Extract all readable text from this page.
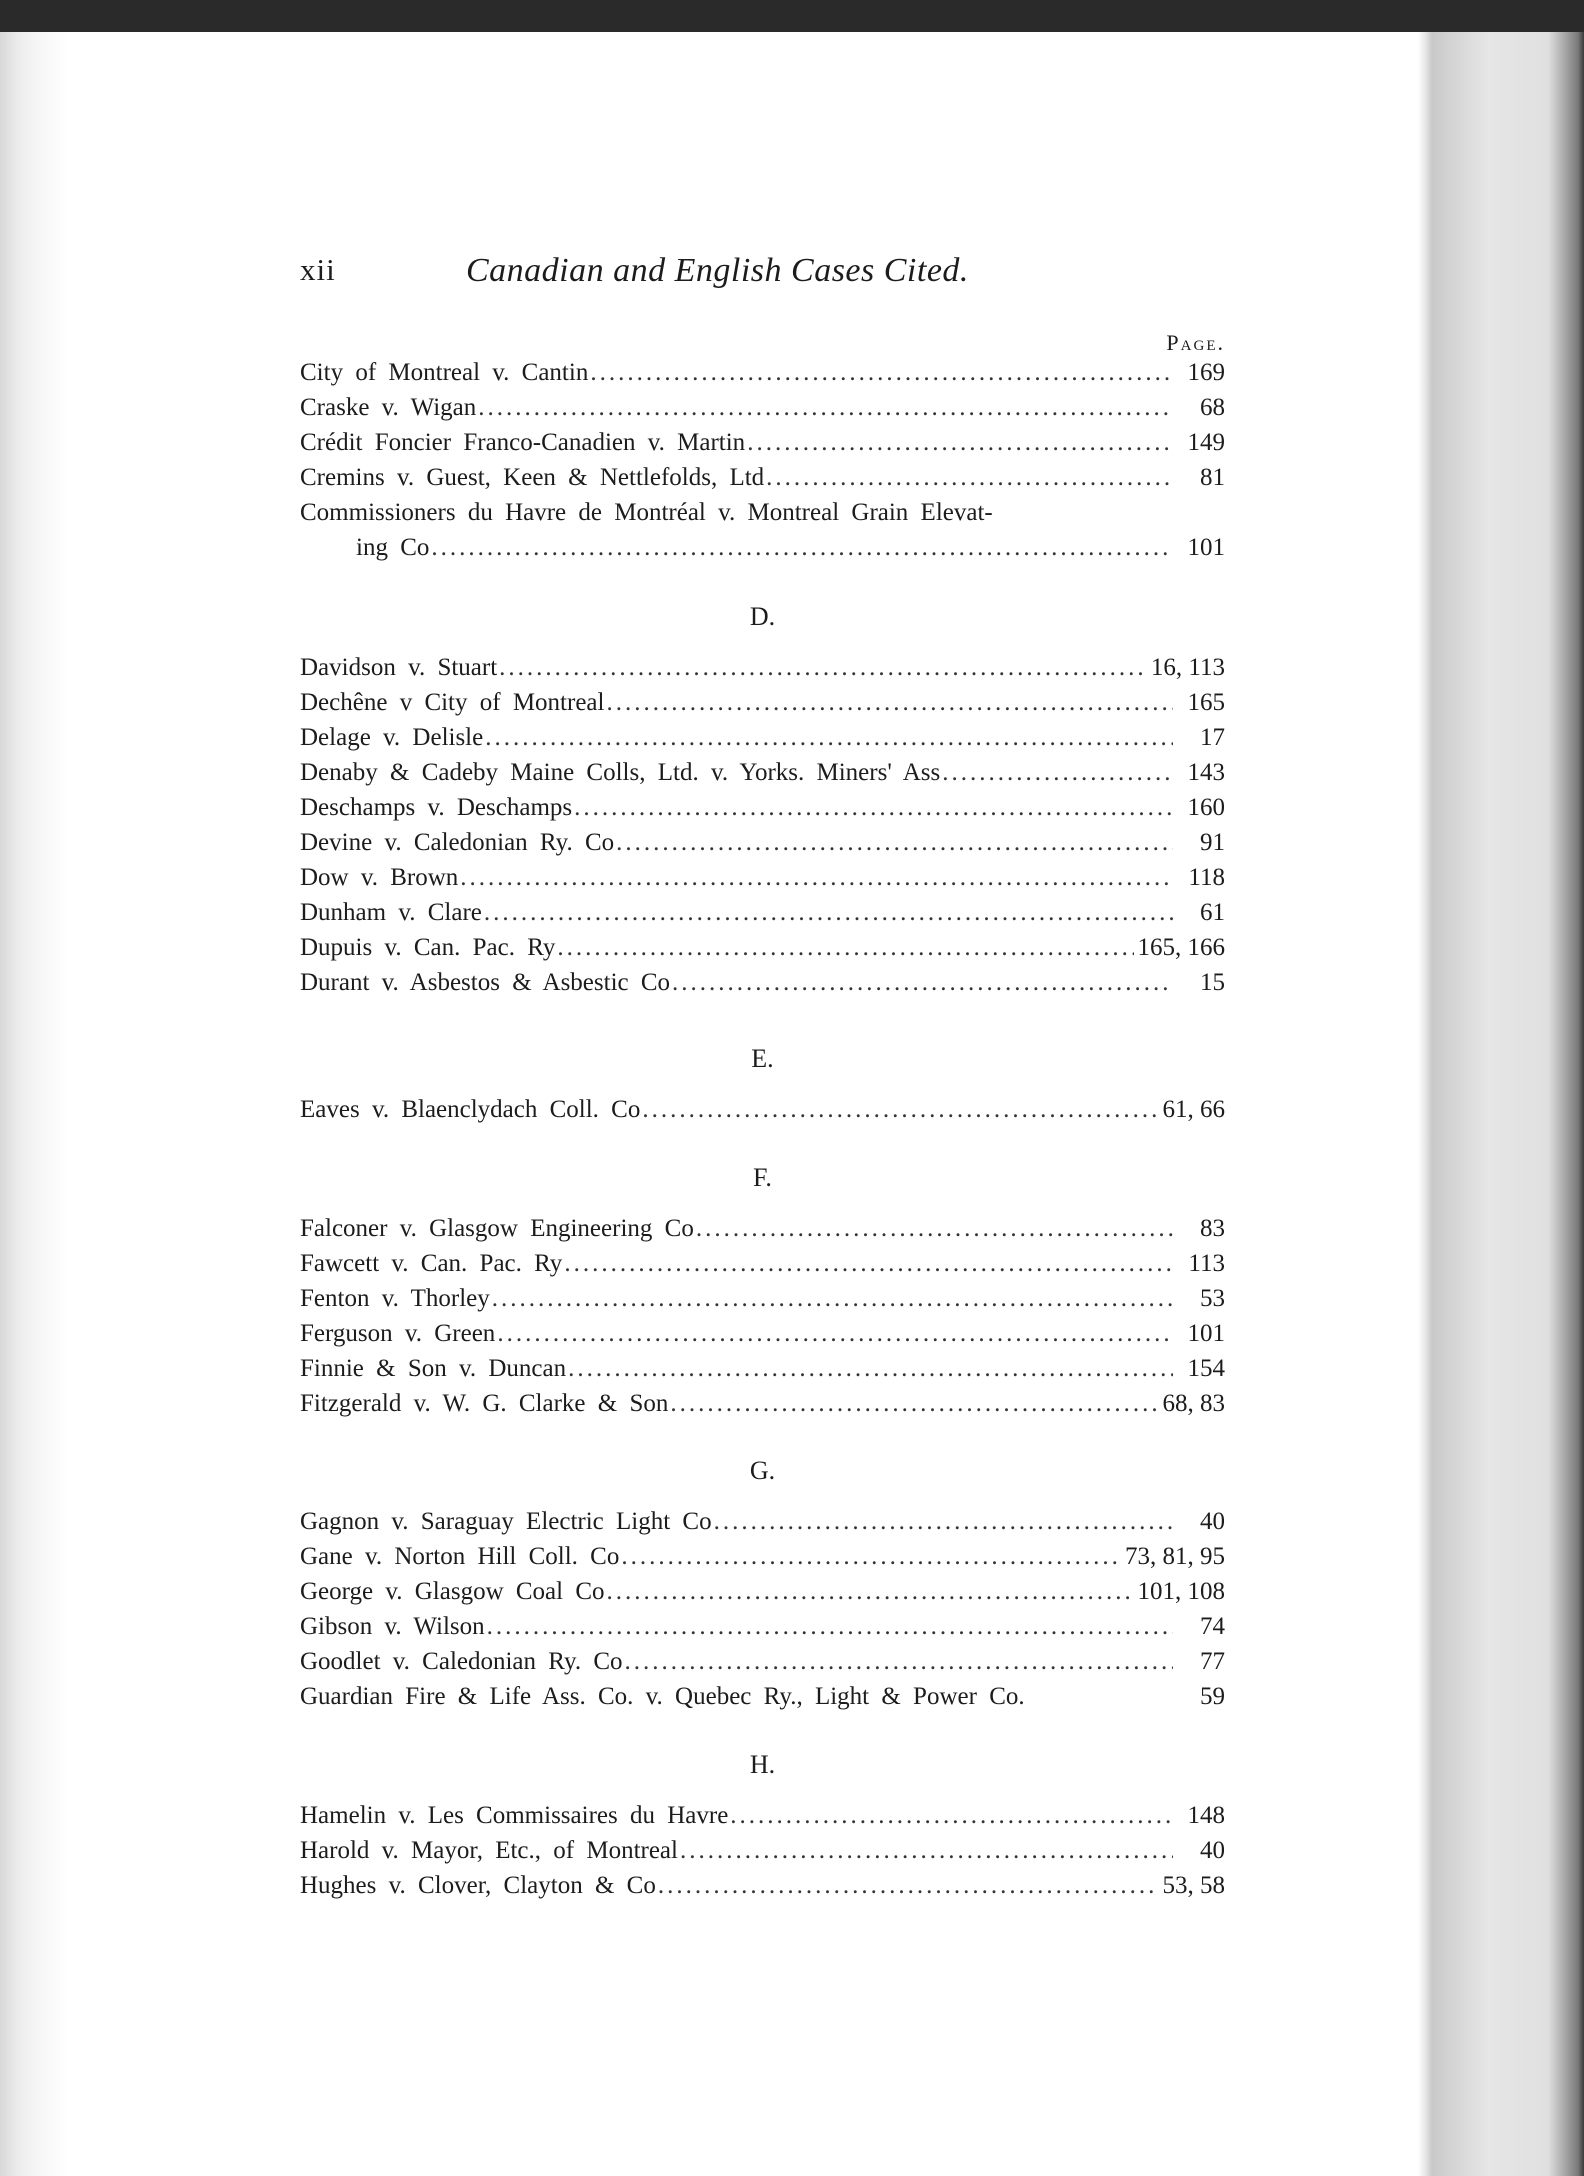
xii	Canadian and English Cases Cited.
Page.
City of Montreal v. Cantin .....	169
Craske v. Wigan .....	68
Crédit Foncier Franco-Canadien v. Martin .....	149
Cremins v. Guest, Keen & Nettlefolds, Ltd .....	81
Commissioners du Havre de Montréal v. Montreal Grain Elevat-
ing Co .....	101
D.
Davidson v. Stuart .....	16, 113
Dechêne v City of Montreal .....	165
Delage v. Delisle .....	17
Denaby & Cadeby Maine Colls, Ltd. v. Yorks. Miners' Ass .....	143
Deschamps v. Deschamps .....	160
Devine v. Caledonian Ry. Co .....	91
Dow v. Brown .....	118
Dunham v. Clare .....	61
Dupuis v. Can. Pac. Ry .....	165, 166
Durant v. Asbestos & Asbestic Co .....	15
E.
Eaves v. Blaenclydach Coll. Co .....	61, 66
F.
Falconer v. Glasgow Engineering Co .....	83
Fawcett v. Can. Pac. Ry .....	113
Fenton v. Thorley .....	53
Ferguson v. Green .....	101
Finnie & Son v. Duncan .....	154
Fitzgerald v. W. G. Clarke & Son .....	68, 83
G.
Gagnon v. Saraguay Electric Light Co .....	40
Gane v. Norton Hill Coll. Co .....	73, 81, 95
George v. Glasgow Coal Co .....	101, 108
Gibson v. Wilson .....	74
Goodlet v. Caledonian Ry. Co .....	77
Guardian Fire & Life Ass. Co. v. Quebec Ry., Light & Power Co.	59
H.
Hamelin v. Les Commissaires du Havre .....	148
Harold v. Mayor, Etc., of Montreal .....	40
Hughes v. Clover, Clayton & Co .....	53, 58
